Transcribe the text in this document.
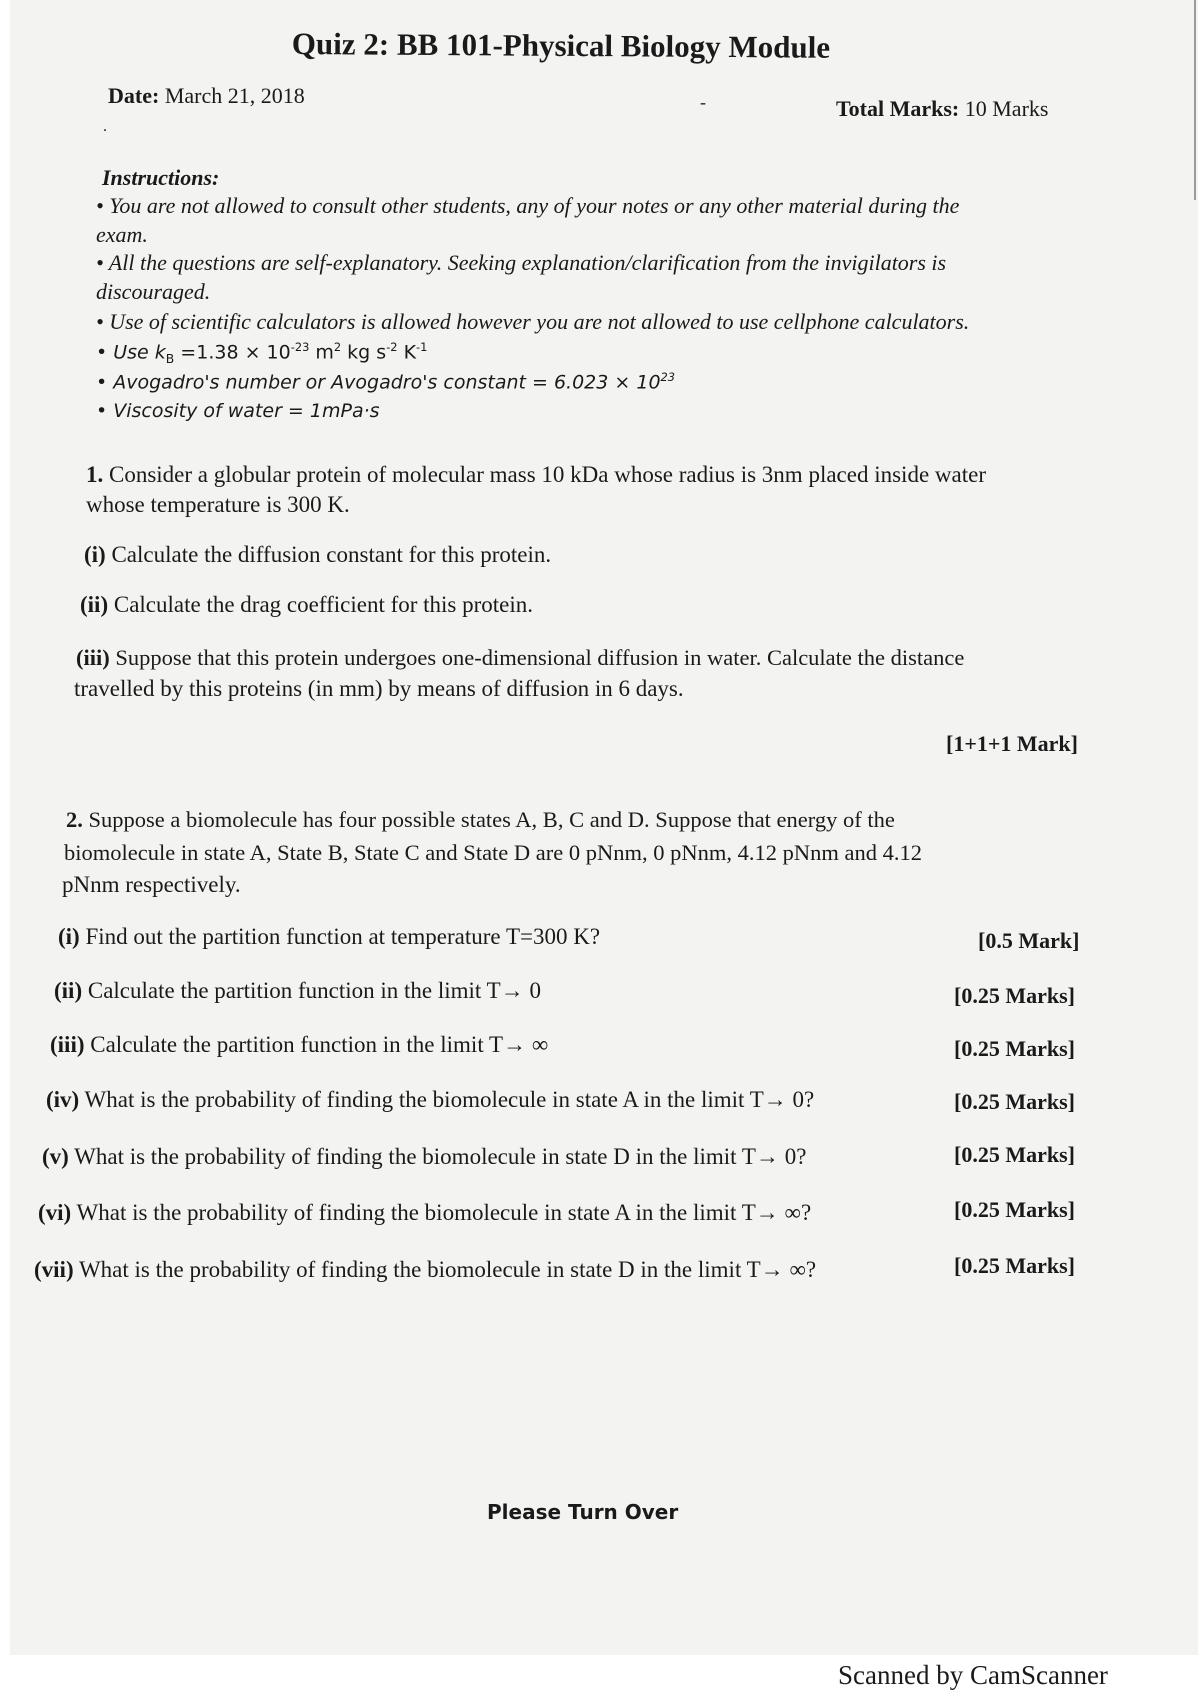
Quiz 2: BB 101-Physical Biology Module
Date: March 21, 2018	-
.
Total Marks: 10 Marks
Instructions:
• You are not allowed to consult other students, any of your notes or any other material during the
exam.
• All the questions are self-explanatory. Seeking explanation/clarification from the invigilators is
discouraged.
• Use of scientific calculators is allowed however you are not allowed to use cellphone calculators.
• Use $k_B =1.38 \times 10^{-23}$ $m^2$ kg $s^{-2}$ $K^{-1}$
• Avogadro's number or Avogadro's constant = $6.023 \times 10^{23}$
• Viscosity of water = 1mPa·s
1. Consider a globular protein of molecular mass 10 kDa whose radius is 3nm placed inside water
whose temperature is 300 K.
(i) Calculate the diffusion constant for this protein.
(ii) Calculate the drag coefficient for this protein.
(iii) Suppose that this protein undergoes one-dimensional diffusion in water. Calculate the distance
travelled by this proteins (in mm) by means of diffusion in 6 days.
[1+1+1 Mark]
2. Suppose a biomolecule has four possible states A, B, C and D. Suppose that energy of the
biomolecule in state A, State B, State C and State D are 0 pNnm, 0 pNnm, 4.12 pNnm and 4.12
pNnm respectively.
(i) Find out the partition function at temperature T=300 K?	[0.5 Mark]
(ii) Calculate the partition function in the limit T→ 0	[0.25 Marks]
(iii) Calculate the partition function in the limit T→ ∞	[0.25 Marks]
(iv) What is the probability of finding the biomolecule in state A in the limit T→ 0?	[0.25 Marks]
(v) What is the probability of finding the biomolecule in state D in the limit T→ 0?	[0.25 Marks]
(vi) What is the probability of finding the biomolecule in state A in the limit T→ ∞?	[0.25 Marks]
(vii) What is the probability of finding the biomolecule in state D in the limit T→ ∞?	[0.25 Marks]
Please Turn Over
Scanned by CamScanner
